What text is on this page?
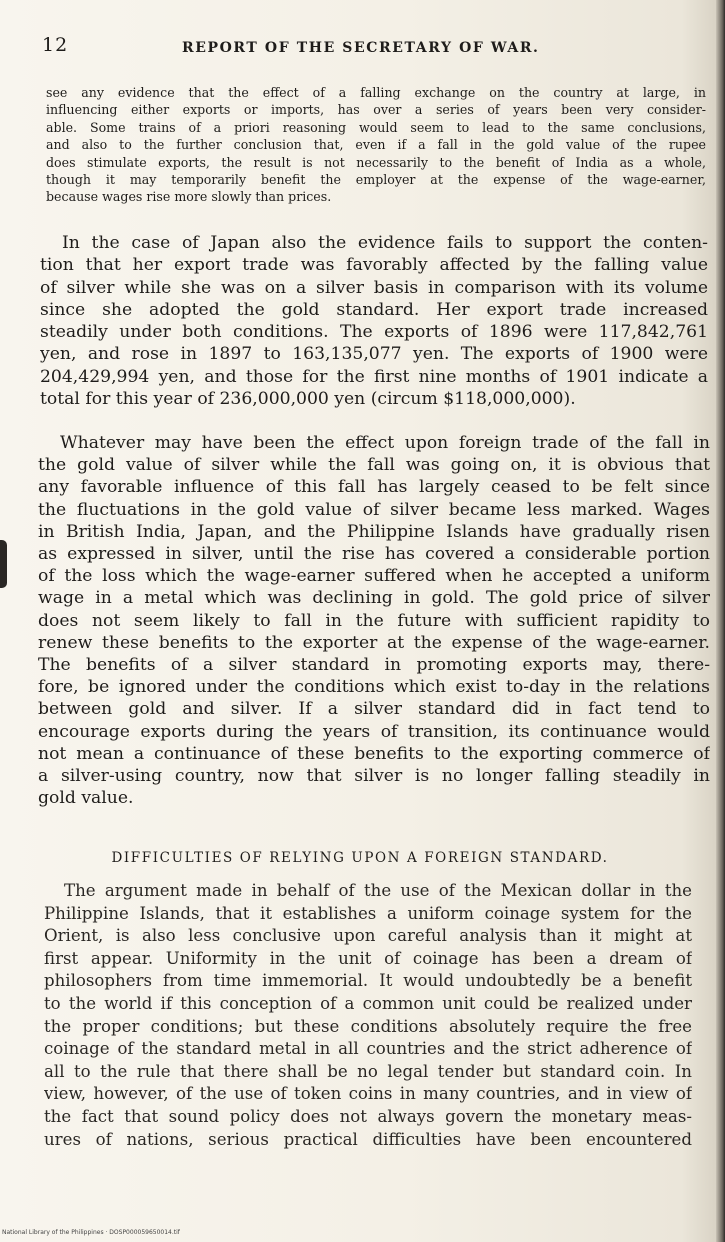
12	REPORT OF THE SECRETARY OF WAR.
see any evidence that the effect of a falling exchange on the country at large, in
influencing either exports or imports, has over a series of years been very consider-
able. Some trains of a priori reasoning would seem to lead to the same conclusions,
and also to the further conclusion that, even if a fall in the gold value of the rupee
does stimulate exports, the result is not necessarily to the benefit of India as a whole,
though it may temporarily benefit the employer at the expense of the wage-earner,
because wages rise more slowly than prices.
In the case of Japan also the evidence fails to support the conten-
tion that her export trade was favorably affected by the falling value
of silver while she was on a silver basis in comparison with its volume
since she adopted the gold standard. Her export trade increased
steadily under both conditions. The exports of 1896 were 117,842,761
yen, and rose in 1897 to 163,135,077 yen. The exports of 1900 were
204,429,994 yen, and those for the first nine months of 1901 indicate a
total for this year of 236,000,000 yen (circum $118,000,000).
Whatever may have been the effect upon foreign trade of the fall in
the gold value of silver while the fall was going on, it is obvious that
any favorable influence of this fall has largely ceased to be felt since
the fluctuations in the gold value of silver became less marked. Wages
in British India, Japan, and the Philippine Islands have gradually risen
as expressed in silver, until the rise has covered a considerable portion
of the loss which the wage-earner suffered when he accepted a uniform
wage in a metal which was declining in gold. The gold price of silver
does not seem likely to fall in the future with sufficient rapidity to
renew these benefits to the exporter at the expense of the wage-earner.
The benefits of a silver standard in promoting exports may, there-
fore, be ignored under the conditions which exist to-day in the relations
between gold and silver. If a silver standard did in fact tend to
encourage exports during the years of transition, its continuance would
not mean a continuance of these benefits to the exporting commerce of
a silver-using country, now that silver is no longer falling steadily in
gold value.
DIFFICULTIES OF RELYING UPON A FOREIGN STANDARD.
The argument made in behalf of the use of the Mexican dollar in the
Philippine Islands, that it establishes a uniform coinage system for the
Orient, is also less conclusive upon careful analysis than it might at
first appear. Uniformity in the unit of coinage has been a dream of
philosophers from time immemorial. It would undoubtedly be a benefit
to the world if this conception of a common unit could be realized under
the proper conditions; but these conditions absolutely require the free
coinage of the standard metal in all countries and the strict adherence of
all to the rule that there shall be no legal tender but standard coin. In
view, however, of the use of token coins in many countries, and in view of
the fact that sound policy does not always govern the monetary meas-
ures of nations, serious practical difficulties have been encountered
National Library of the Philippines · DOSP000059650014.tif
